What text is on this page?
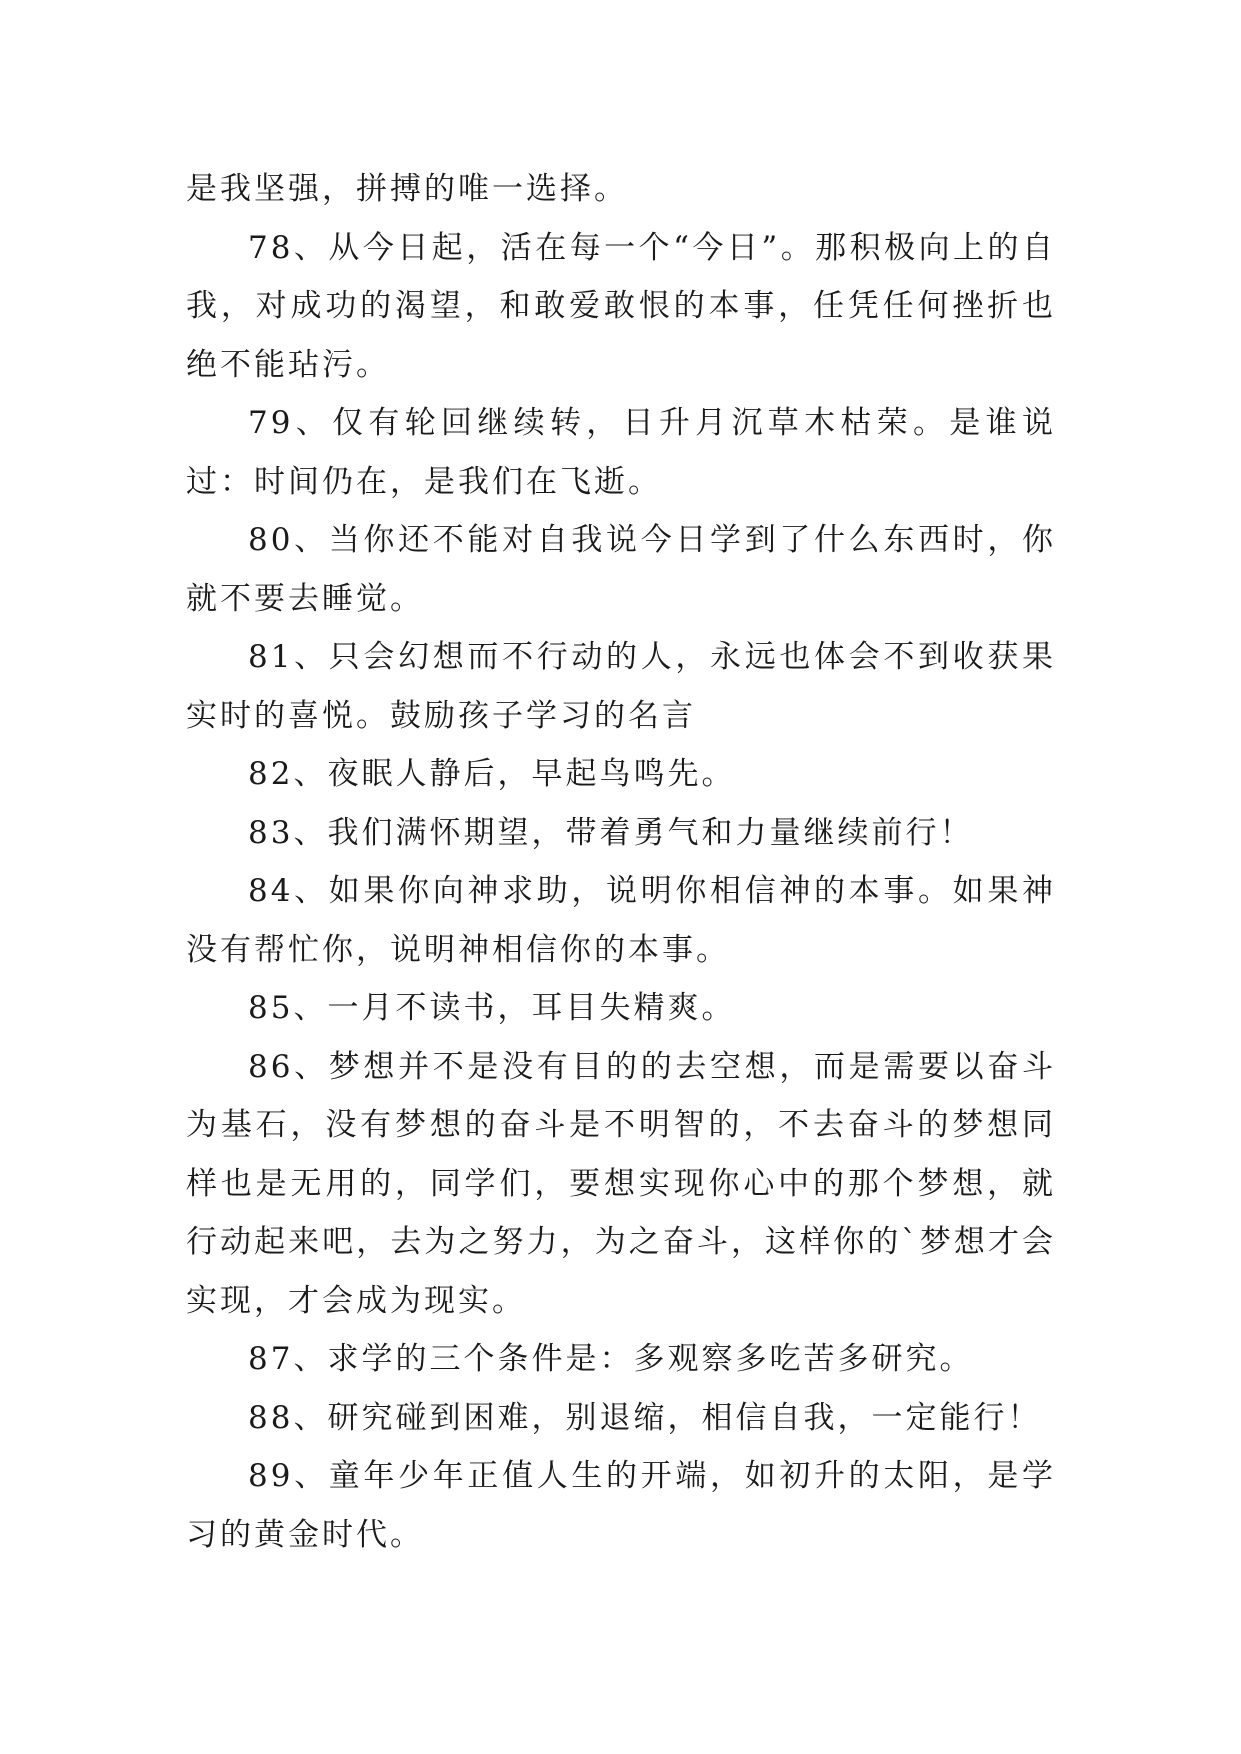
是我坚强，拼搏的唯一选择。

78、从今日起，活在每一个“今日”。那积极向上的自我，对成功的渴望，和敢爱敢恨的本事，任凭任何挫折也绝不能玷污。

79、仅有轮回继续转，日升月沉草木枯荣。是谁说过：时间仍在，是我们在飞逝。

80、当你还不能对自我说今日学到了什么东西时，你就不要去睡觉。

81、只会幻想而不行动的人，永远也体会不到收获果实时的喜悦。鼓励孩子学习的名言

82、夜眠人静后，早起鸟鸣先。

83、我们满怀期望，带着勇气和力量继续前行！

84、如果你向神求助，说明你相信神的本事。如果神没有帮忙你，说明神相信你的本事。

85、一月不读书，耳目失精爽。

86、梦想并不是没有目的的去空想，而是需要以奋斗为基石，没有梦想的奋斗是不明智的，不去奋斗的梦想同样也是无用的，同学们，要想实现你心中的那个梦想，就行动起来吧，去为之努力，为之奋斗，这样你的`梦想才会实现，才会成为现实。

87、求学的三个条件是：多观察多吃苦多研究。

88、研究碰到困难，别退缩，相信自我，一定能行！

89、童年少年正值人生的开端，如初升的太阳，是学习的黄金时代。
